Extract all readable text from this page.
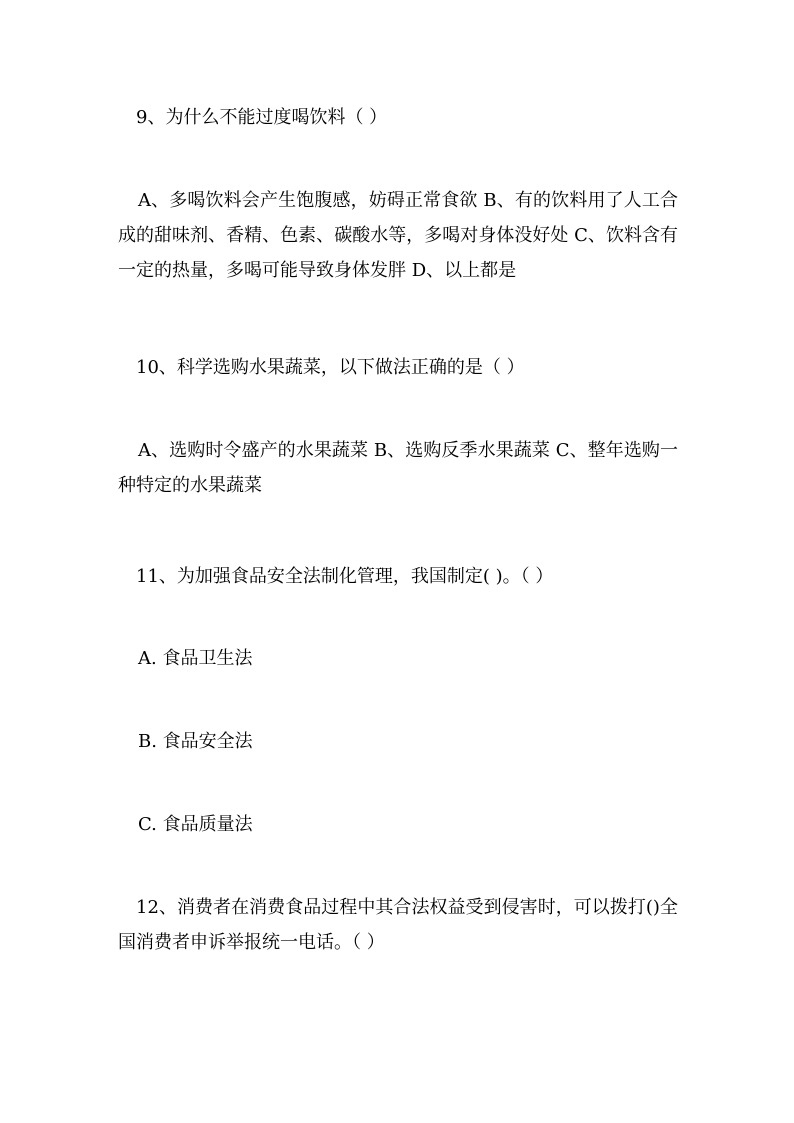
9、为什么不能过度喝饮料（ ）

A、多喝饮料会产生饱腹感，妨碍正常食欲 B、有的饮料用了人工合成的甜味剂、香精、色素、碳酸水等，多喝对身体没好处 C、饮料含有一定的热量，多喝可能导致身体发胖 D、以上都是

10、科学选购水果蔬菜，以下做法正确的是（ ）

A、选购时令盛产的水果蔬菜 B、选购反季水果蔬菜 C、整年选购一种特定的水果蔬菜

11、为加强食品安全法制化管理，我国制定( )。（ ）

A. 食品卫生法

B. 食品安全法

C. 食品质量法

12、消费者在消费食品过程中其合法权益受到侵害时，可以拨打()全国消费者申诉举报统一电话。（ ）
